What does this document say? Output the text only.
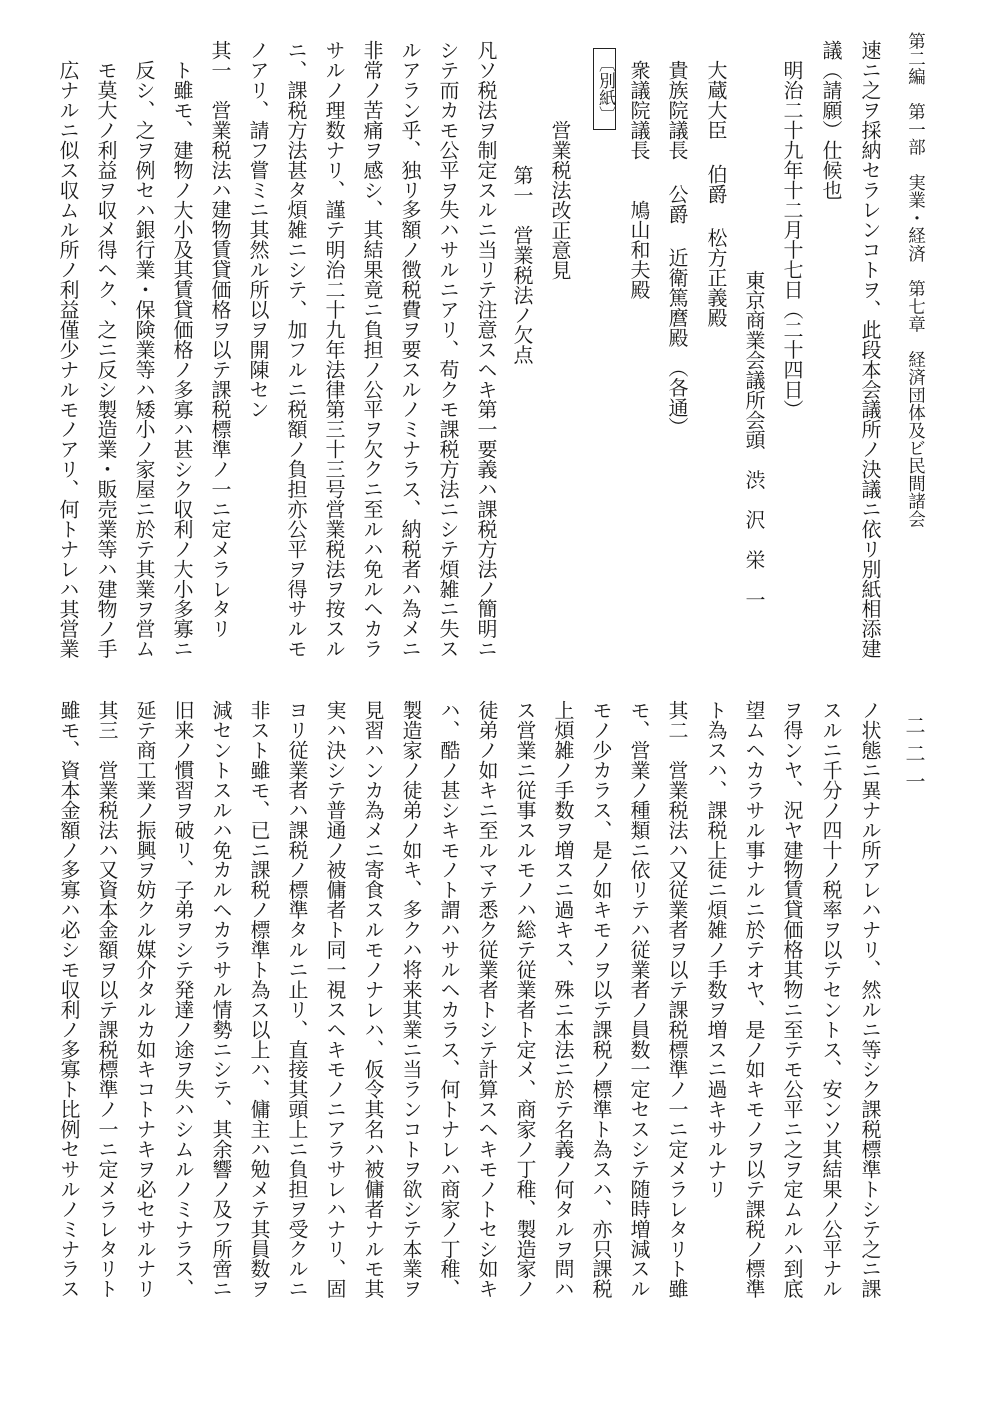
第二編　第一部　実業・経済　第七章　経済団体及ビ民間諸会
二二一
速ニ之ヲ採納セラレンコトヲ、此段本会議所ノ決議ニ依リ別紙相添建
議（請願）仕候也
明治二十九年十二月十七日（二十四日）
東京商業会議所会頭　渋　沢　栄　一
大蔵大臣 伯爵 松方正義殿
貴族院議長 公爵 近衛篤麿殿　（各通）
衆議院議長　　鳩山和夫殿
〔別紙〕
営業税法改正意見
第一　営業税法ノ欠点
凡ソ税法ヲ制定スルニ当リテ注意スヘキ第一要義ハ課税方法ノ簡明ニ
シテ而カモ公平ヲ失ハサルニアリ、苟クモ課税方法ニシテ煩雑ニ失ス
ルアラン乎、独リ多額ノ徴税費ヲ要スルノミナラス、納税者ハ為メニ
非常ノ苦痛ヲ感シ、其結果竟ニ負担ノ公平ヲ欠クニ至ルハ免ルヘカラ
サルノ理数ナリ、謹テ明治二十九年法律第三十三号営業税法ヲ按スル
ニ、課税方法甚タ煩雑ニシテ、加フルニ税額ノ負担亦公平ヲ得サルモ
ノアリ、請フ嘗ミニ其然ル所以ヲ開陳セン
其一　営業税法ハ建物賃貸価格ヲ以テ課税標準ノ一ニ定メラレタリ
ト雖モ、建物ノ大小及其賃貸価格ノ多寡ハ甚シク収利ノ大小多寡ニ
反シ、之ヲ例セハ銀行業・保険業等ハ矮小ノ家屋ニ於テ其業ヲ営ム
モ莫大ノ利益ヲ収メ得ヘク、之ニ反シ製造業・販売業等ハ建物ノ手
広ナルニ似ス収ムル所ノ利益僅少ナルモノアリ、何トナレハ其営業
ノ状態ニ異ナル所アレハナリ、然ルニ等シク課税標準トシテ之ニ課
スルニ千分ノ四十ノ税率ヲ以テセントス、安ンソ其結果ノ公平ナル
ヲ得ンヤ、況ヤ建物賃貸価格其物ニ至テモ公平ニ之ヲ定ムルハ到底
望ムヘカラサル事ナルニ於テオヤ、是ノ如キモノヲ以テ課税ノ標準
ト為スハ、課税上徒ニ煩雑ノ手数ヲ増スニ過キサルナリ
其二　営業税法ハ又従業者ヲ以テ課税標準ノ一ニ定メラレタリト雖
モ、営業ノ種類ニ依リテハ従業者ノ員数一定セスシテ随時増減スル
モノ少カラス、是ノ如キモノヲ以テ課税ノ標準ト為スハ、亦只課税
上煩雑ノ手数ヲ増スニ過キス、殊ニ本法ニ於テ名義ノ何タルヲ問ハ
ス営業ニ従事スルモノハ総テ従業者ト定メ、商家ノ丁稚、製造家ノ
徒弟ノ如キニ至ルマテ悉ク従業者トシテ計算スヘキモノトセシ如キ
ハ、酷ノ甚シキモノト謂ハサルヘカラス、何トナレハ商家ノ丁稚、
製造家ノ徒弟ノ如キ、多クハ将来其業ニ当ランコトヲ欲シテ本業ヲ
見習ハンカ為メニ寄食スルモノナレハ、仮令其名ハ被傭者ナルモ其
実ハ決シテ普通ノ被傭者ト同一視スヘキモノニアラサレハナリ、固
ヨリ従業者ハ課税ノ標準タルニ止リ、直接其頭上ニ負担ヲ受クルニ
非スト雖モ、已ニ課税ノ標準ト為ス以上ハ、傭主ハ勉メテ其員数ヲ
減セントスルハ免カルヘカラサル情勢ニシテ、其余響ノ及フ所啻ニ
旧来ノ慣習ヲ破リ、子弟ヲシテ発達ノ途ヲ失ハシムルノミナラス、
延テ商工業ノ振興ヲ妨クル媒介タルカ如キコトナキヲ必セサルナリ
其三　営業税法ハ又資本金額ヲ以テ課税標準ノ一ニ定メラレタリト
雖モ、資本金額ノ多寡ハ必シモ収利ノ多寡ト比例セサルノミナラス
